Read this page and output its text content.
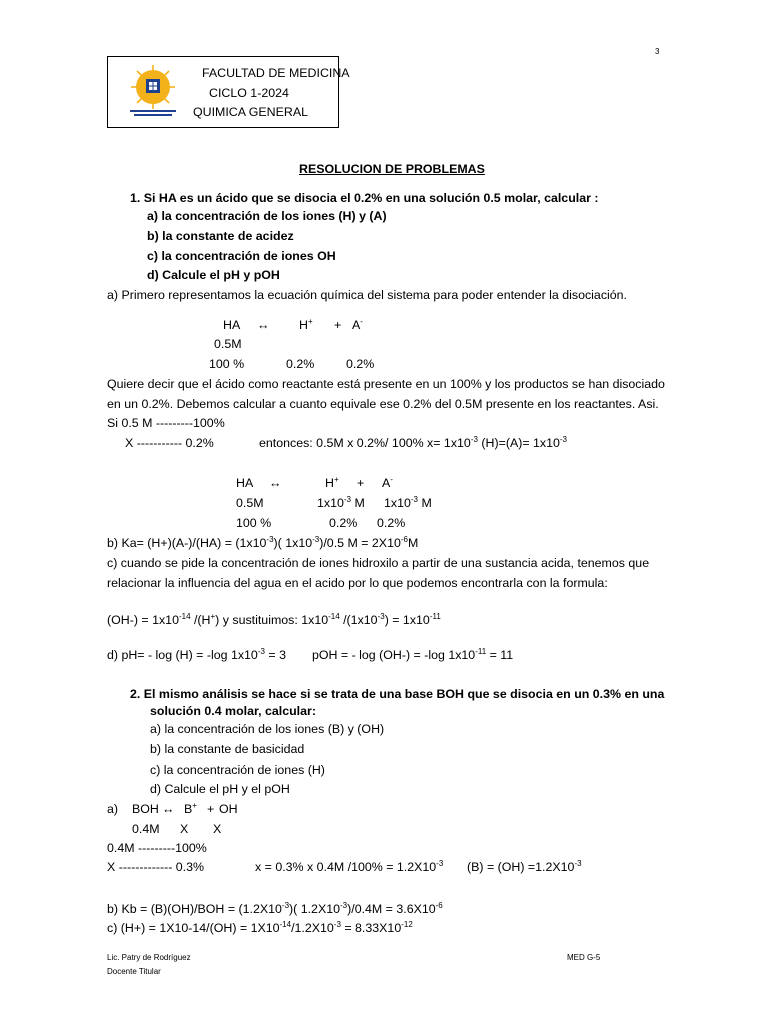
3
FACULTAD DE MEDICINA
CICLO 1-2024
QUIMICA GENERAL
RESOLUCION DE PROBLEMAS
1. Si HA es un ácido que se disocia el 0.2% en una solución 0.5 molar, calcular :
a) la concentración de los iones (H) y (A)
b) la constante de acidez
c) la concentración de iones OH
d) Calcule el pH y pOH
a) Primero representamos la ecuación química del sistema para poder entender la disociación.
HA ↔ H+ + A-
0.5M
100 %	0.2%	0.2%
Quiere decir que el ácido como reactante está presente en un 100% y los productos se han disociado
en un 0.2%. Debemos calcular a cuanto equivale ese 0.2% del 0.5M presente en los reactantes. Asi.
Si 0.5 M ---------100%
X ----------- 0.2%	entonces: 0.5M x 0.2%/ 100% $x= 1x10^{-3}$ $(H)=(A)= 1x10^{-3}$
HA ↔	H+ + A-
0.5M	$1x10^{-3}$ M $1x10^{-3}$ M
100 %	0.2% 0.2%
b) $Ka= (H+)(A-)/(HA) = (1x10^{-3})$( $1x10^{-3})/0.5$ $M = 2X10^{-6}M$
c) cuando se pide la concentración de iones hidroxilo a partir de una sustancia acida, tenemos que
relacionar la influencia del agua en el acido por lo que podemos encontrarla con la formula:
$(OH-) = 1x10^{-14}$ /(H+) y sustituimos: $1x10^{-14}$ $/(1x10^{-3}) = 1x10^{-11}$
d) pH= - log (H) = -log $1x10^{-3} = 3$ pOH = - log (OH-) = -log $1x10^{-11} = 11$
2. El mismo análisis se hace si se trata de una base BOH que se disocia en un 0.3% en una
solución 0.4 molar, calcular:
a) la concentración de los iones (B) y (OH)
b) la constante de basicidad
c) la concentración de iones (H)
d) Calcule el pH y el pOH
a) BOH ↔ B+ + OH
0.4M X X
0.4M ---------100%
X ------------- 0.3%	x = 0.3% x 0.4M $/100\% = 1.2X10^{-3}$ $(B) = (OH) =1.2X10^{-3}$
b) $Kb = (B)(OH)/BOH = (1.2X10^{-3})$( $1.2X10^{-3})/0.4M = 3.6X10^{-6}$
c) $(H+) = 1X10-14/(OH) = 1X10^{-14}/1.2X10^{-3} = 8.33X10^{-12}$
Lic. Patry de Rodríguez
Docente Titular
MED G-5
